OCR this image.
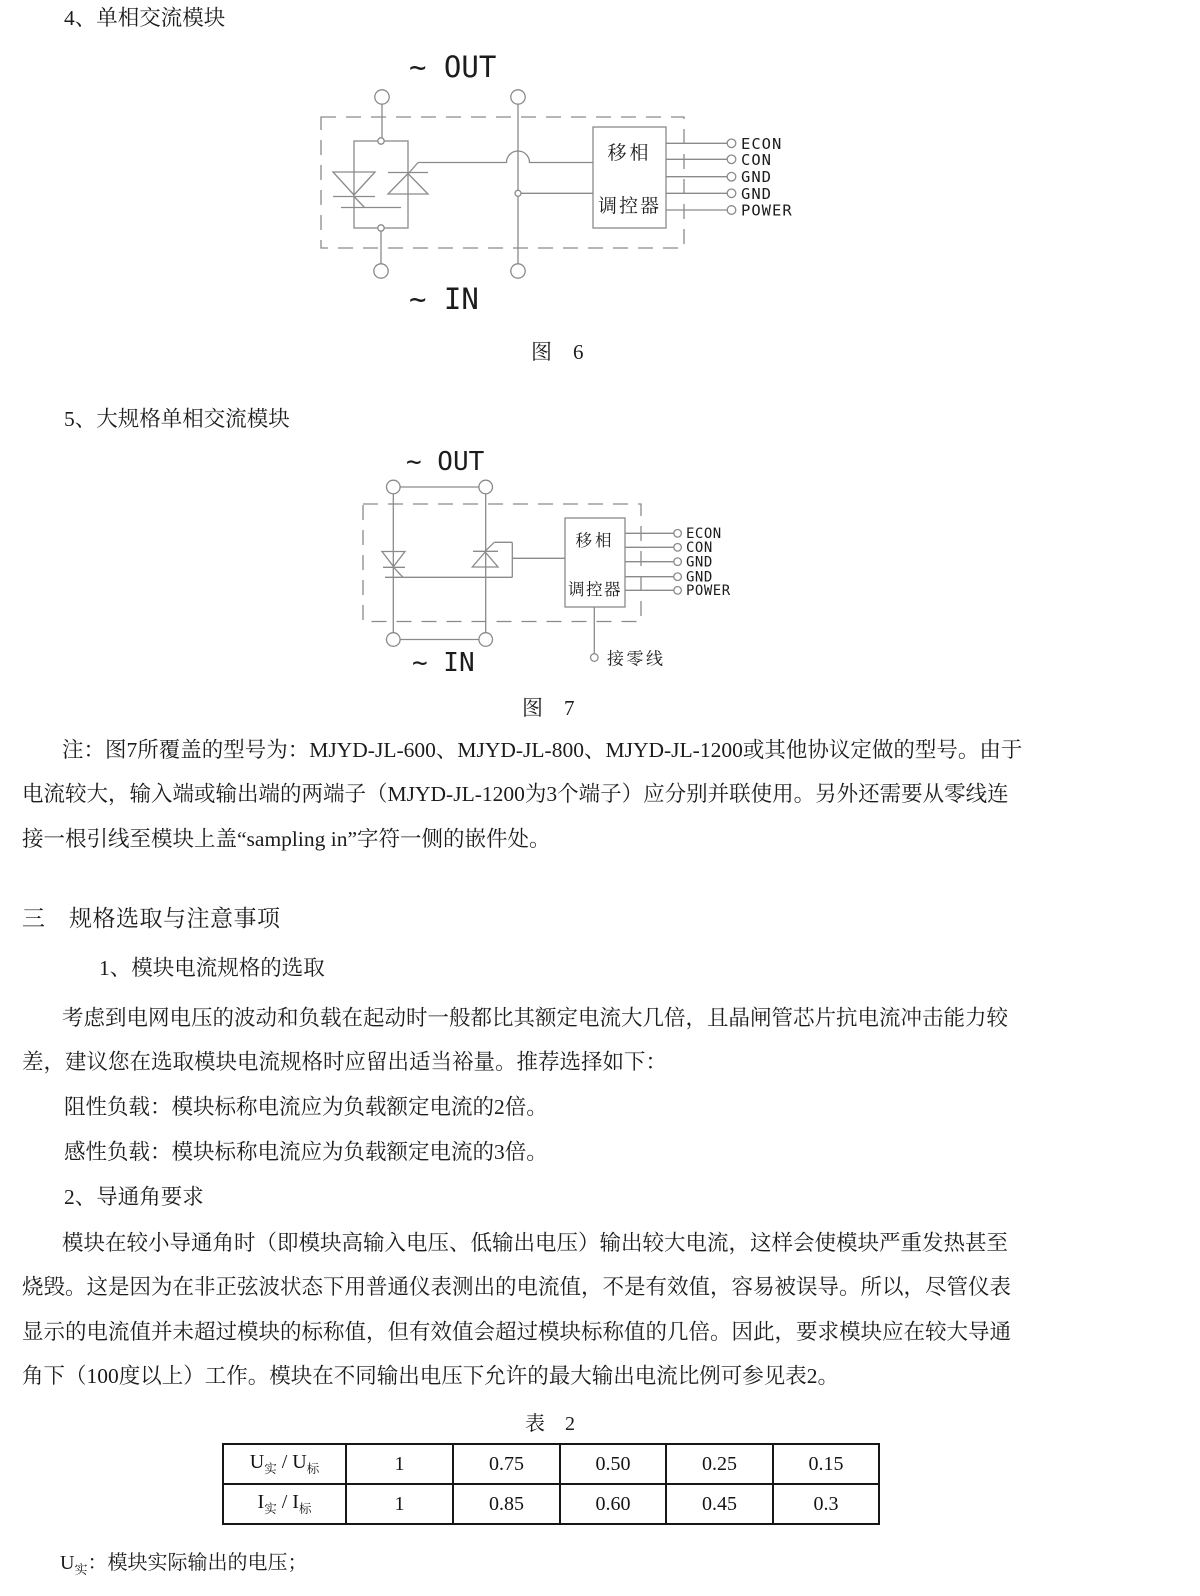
4、单相交流模块
~ OUT
移相
调控器
ECON
CON
GND
GND
POWER
~ IN
图　6
5、大规格单相交流模块
~ OUT
移相
调控器
ECON
CON
GND
GND
POWER
接零线
~ IN
图　7
注：图7所覆盖的型号为：MJYD-JL-600、MJYD-JL-800、MJYD-JL-1200或其他协议定做的型号。由于
电流较大，输入端或输出端的两端子（MJYD-JL-1200为3个端子）应分别并联使用。另外还需要从零线连
接一根引线至模块上盖“sampling in”字符一侧的嵌件处。
三　规格选取与注意事项
1、模块电流规格的选取
考虑到电网电压的波动和负载在起动时一般都比其额定电流大几倍，且晶闸管芯片抗电流冲击能力较
差，建议您在选取模块电流规格时应留出适当裕量。推荐选择如下：
阻性负载：模块标称电流应为负载额定电流的2倍。
感性负载：模块标称电流应为负载额定电流的3倍。
2、导通角要求
模块在较小导通角时（即模块高输入电压、低输出电压）输出较大电流，这样会使模块严重发热甚至
烧毁。这是因为在非正弦波状态下用普通仪表测出的电流值，不是有效值，容易被误导。所以，尽管仪表
显示的电流值并未超过模块的标称值，但有效值会超过模块标称值的几倍。因此，要求模块应在较大导通
角下（100度以上）工作。模块在不同输出电压下允许的最大输出电流比例可参见表2。
表　2
$U_实 / U_标$	1	0.75	0.50	0.25	0.15
$I_实 / I_标$	1	0.85	0.60	0.45	0.3
$U_实$：模块实际输出的电压；
